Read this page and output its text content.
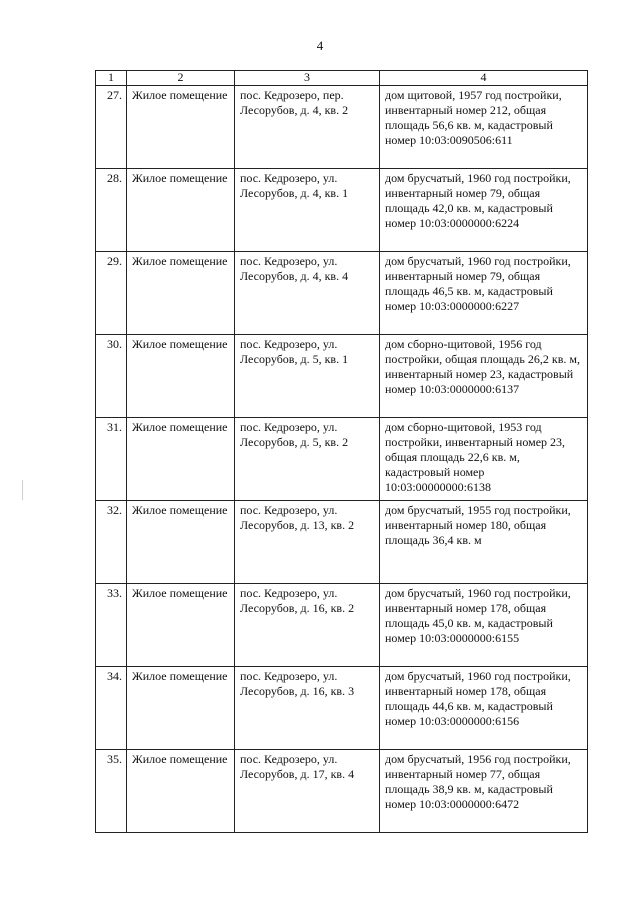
4
1	2	3	4
27.	Жилое помещение	пос. Кедрозеро, пер. Лесорубов, д. 4, кв. 2	дом щитовой, 1957 год постройки, инвентарный номер 212, общая площадь 56,6 кв. м, кадастровый номер 10:03:0090506:611
28.	Жилое помещение	пос. Кедрозеро, ул. Лесорубов, д. 4, кв. 1	дом брусчатый, 1960 год постройки, инвентарный номер 79, общая площадь 42,0 кв. м, кадастровый номер 10:03:0000000:6224
29.	Жилое помещение	пос. Кедрозеро, ул. Лесорубов, д. 4, кв. 4	дом брусчатый, 1960 год постройки, инвентарный номер 79, общая площадь 46,5 кв. м, кадастровый номер 10:03:0000000:6227
30.	Жилое помещение	пос. Кедрозеро, ул. Лесорубов, д. 5, кв. 1	дом сборно-щитовой, 1956 год постройки, общая площадь 26,2 кв. м, инвентарный номер 23, кадастровый номер 10:03:0000000:6137
31.	Жилое помещение	пос. Кедрозеро, ул. Лесорубов, д. 5, кв. 2	дом сборно-щитовой, 1953 год постройки, инвентарный номер 23, общая площадь 22,6 кв. м, кадастровый номер 10:03:00000000:6138
32.	Жилое помещение	пос. Кедрозеро, ул. Лесорубов, д. 13, кв. 2	дом брусчатый, 1955 год постройки, инвентарный номер 180, общая площадь 36,4 кв. м
33.	Жилое помещение	пос. Кедрозеро, ул. Лесорубов, д. 16, кв. 2	дом брусчатый, 1960 год постройки, инвентарный номер 178, общая площадь 45,0 кв. м, кадастровый номер 10:03:0000000:6155
34.	Жилое помещение	пос. Кедрозеро, ул. Лесорубов, д. 16, кв. 3	дом брусчатый, 1960 год постройки, инвентарный номер 178, общая площадь 44,6 кв. м, кадастровый номер 10:03:0000000:6156
35.	Жилое помещение	пос. Кедрозеро, ул. Лесорубов, д. 17, кв. 4	дом брусчатый, 1956 год постройки, инвентарный номер 77, общая площадь 38,9 кв. м, кадастровый номер 10:03:0000000:6472
